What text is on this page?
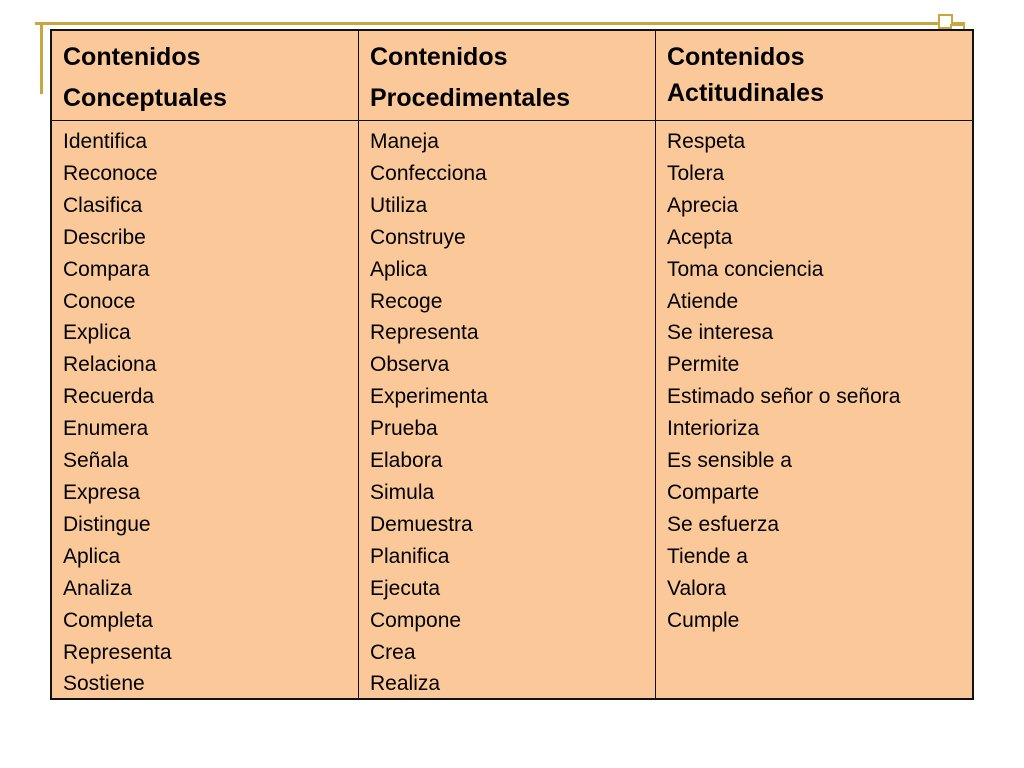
Contenidos
Conceptuales
Contenidos
Procedimentales
Contenidos
Actitudinales
Identifica
Reconoce
Clasifica
Describe
Compara
Conoce
Explica
Relaciona
Recuerda
Enumera
Señala
Expresa
Distingue
Aplica
Analiza
Completa
Representa
Sostiene
Maneja
Confecciona
Utiliza
Construye
Aplica
Recoge
Representa
Observa
Experimenta
Prueba
Elabora
Simula
Demuestra
Planifica
Ejecuta
Compone
Crea
Realiza
Respeta
Tolera
Aprecia
Acepta
Toma conciencia
Atiende
Se interesa
Permite
Estimado señor o señora
Interioriza
Es sensible a
Comparte
Se esfuerza
Tiende a
Valora
Cumple
